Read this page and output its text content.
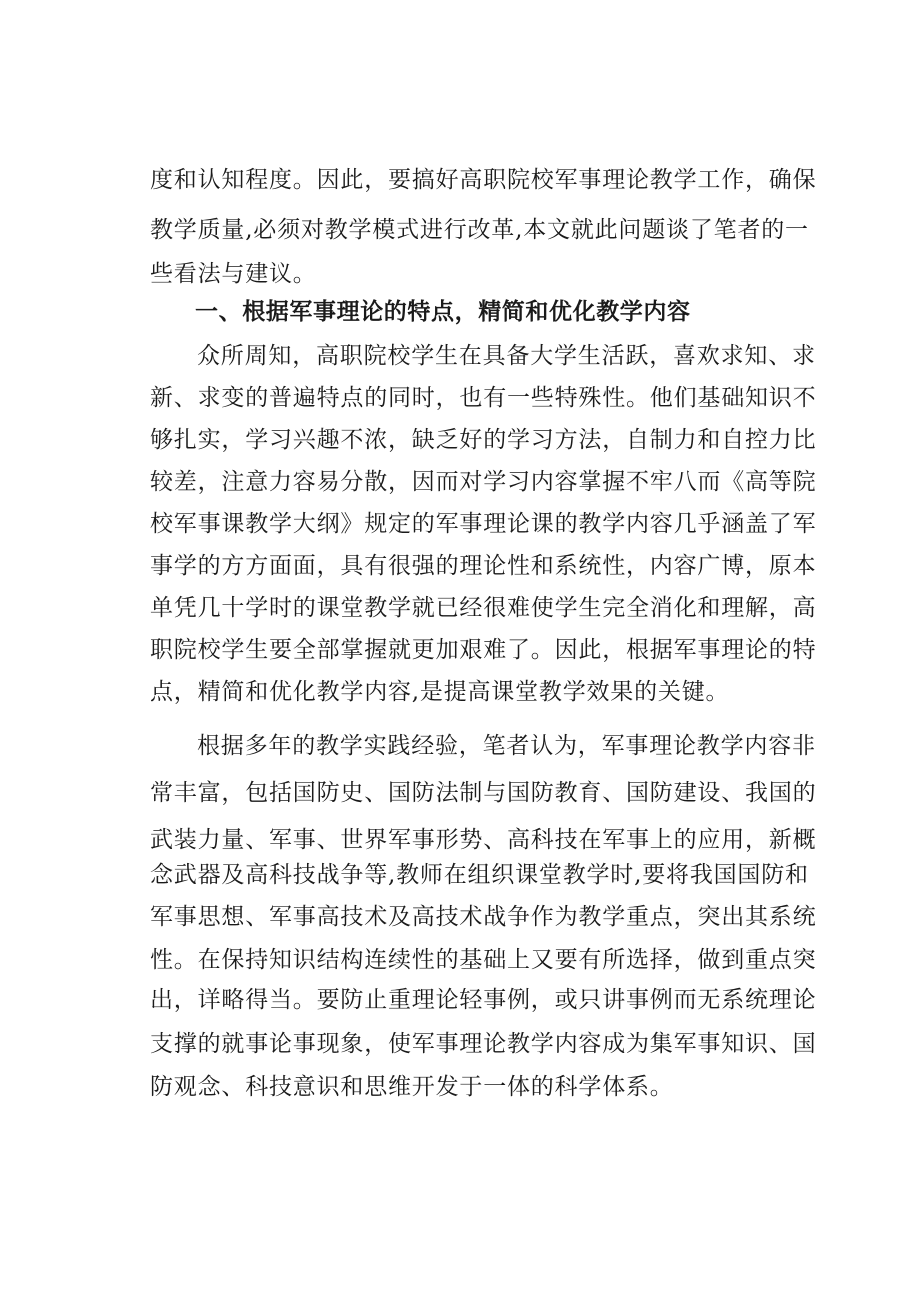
度和认知程度。因此，要搞好高职院校军事理论教学工作，确保
教学质量,必须对教学模式进行改革,本文就此问题谈了笔者的一
些看法与建议。
一、根据军事理论的特点，精简和优化教学内容
众所周知，高职院校学生在具备大学生活跃，喜欢求知、求
新、求变的普遍特点的同时，也有一些特殊性。他们基础知识不
够扎实，学习兴趣不浓，缺乏好的学习方法，自制力和自控力比
较差，注意力容易分散，因而对学习内容掌握不牢八而《高等院
校军事课教学大纲》规定的军事理论课的教学内容几乎涵盖了军
事学的方方面面，具有很强的理论性和系统性，内容广博，原本
单凭几十学时的课堂教学就已经很难使学生完全消化和理解，高
职院校学生要全部掌握就更加艰难了。因此，根据军事理论的特
点，精简和优化教学内容,是提高课堂教学效果的关键。
根据多年的教学实践经验，笔者认为，军事理论教学内容非
常丰富，包括国防史、国防法制与国防教育、国防建设、我国的
武装力量、军事、世界军事形势、高科技在军事上的应用，新概
念武器及高科技战争等,教师在组织课堂教学时,要将我国国防和
军事思想、军事高技术及高技术战争作为教学重点，突出其系统
性。在保持知识结构连续性的基础上又要有所选择，做到重点突
出，详略得当。要防止重理论轻事例，或只讲事例而无系统理论
支撑的就事论事现象，使军事理论教学内容成为集军事知识、国
防观念、科技意识和思维开发于一体的科学体系。
